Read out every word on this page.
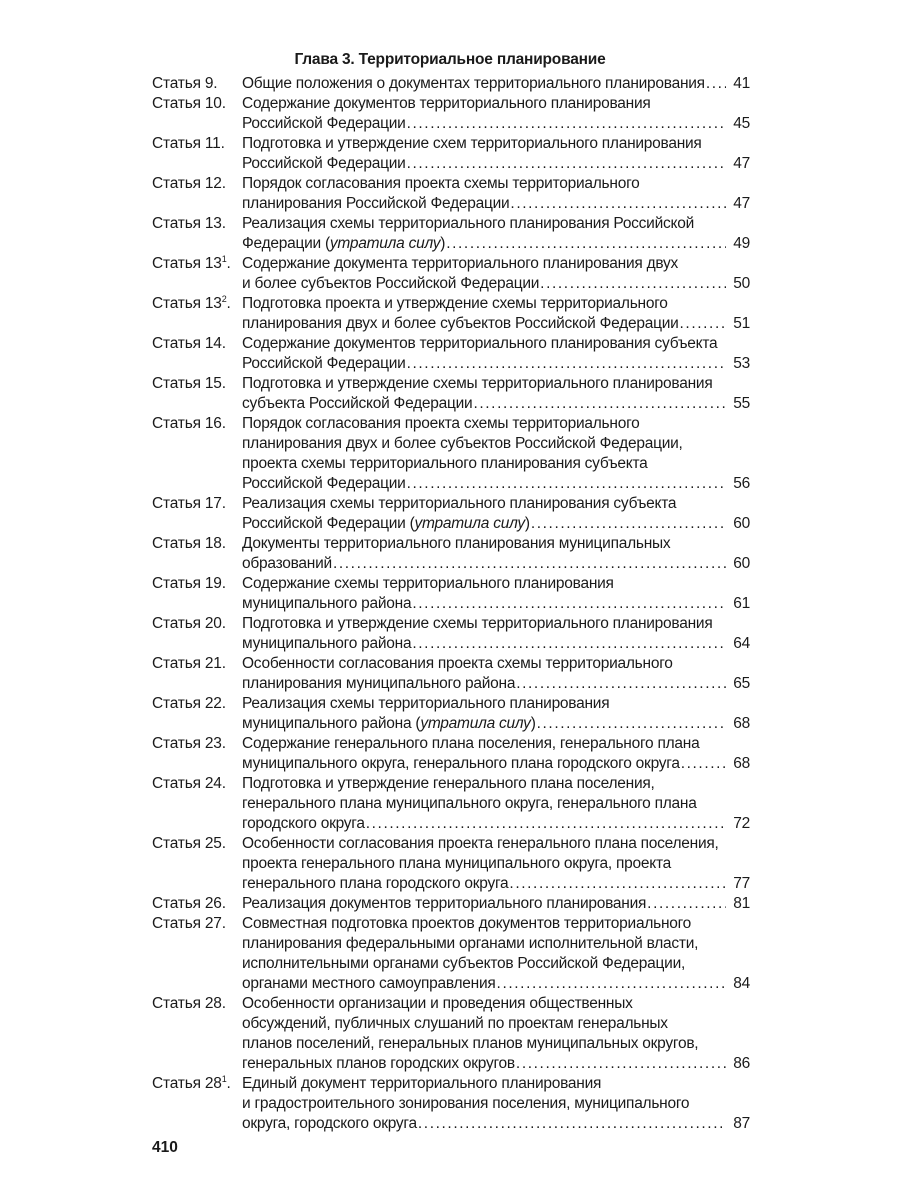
Глава 3. Территориальное планирование
Статья 9.	Общие положения о документах территориального планирования .....	41
Статья 10.	Содержание документов территориального планирования
Российской Федерации .....	45
Статья 11.	Подготовка и утверждение схем территориального планирования
Российской Федерации .....	47
Статья 12.	Порядок согласования проекта схемы территориального
планирования Российской Федерации .....	47
Статья 13.	Реализация схемы территориального планирования Российской
Федерации (утратила силу) .....	49
Статья $13^1$. Содержание документа территориального планирования двух
и более субъектов Российской Федерации .....	50
Статья $13^2$. Подготовка проекта и утверждение схемы территориального
планирования двух и более субъектов Российской Федерации .....	51
Статья 14.	Содержание документов территориального планирования субъекта
Российской Федерации .....	53
Статья 15.	Подготовка и утверждение схемы территориального планирования
субъекта Российской Федерации .....	55
Статья 16.	Порядок согласования проекта схемы территориального
планирования двух и более субъектов Российской Федерации,
проекта схемы территориального планирования субъекта
Российской Федерации .....	56
Статья 17.	Реализация схемы территориального планирования субъекта
Российской Федерации (утратила силу) .....	60
Статья 18.	Документы территориального планирования муниципальных
образований .....	60
Статья 19.	Содержание схемы территориального планирования
муниципального района .....	61
Статья 20.	Подготовка и утверждение схемы территориального планирования
муниципального района .....	64
Статья 21.	Особенности согласования проекта схемы территориального
планирования муниципального района .....	65
Статья 22.	Реализация схемы территориального планирования
муниципального района (утратила силу) .....	68
Статья 23.	Содержание генерального плана поселения, генерального плана
муниципального округа, генерального плана городского округа .....	68
Статья 24.	Подготовка и утверждение генерального плана поселения,
генерального плана муниципального округа, генерального плана
городского округа .....	72
Статья 25.	Особенности согласования проекта генерального плана поселения,
проекта генерального плана муниципального округа, проекта
генерального плана городского округа .....	77
Статья 26.	Реализация документов территориального планирования .....	81
Статья 27.	Совместная подготовка проектов документов территориального
планирования федеральными органами исполнительной власти,
исполнительными органами субъектов Российской Федерации,
органами местного самоуправления .....	84
Статья 28.	Особенности организации и проведения общественных
обсуждений, публичных слушаний по проектам генеральных
планов поселений, генеральных планов муниципальных округов,
генеральных планов городских округов .....	86
Статья $28^1$. Единый документ территориального планирования
и градостроительного зонирования поселения, муниципального
округа, городского округа .....	87
410
